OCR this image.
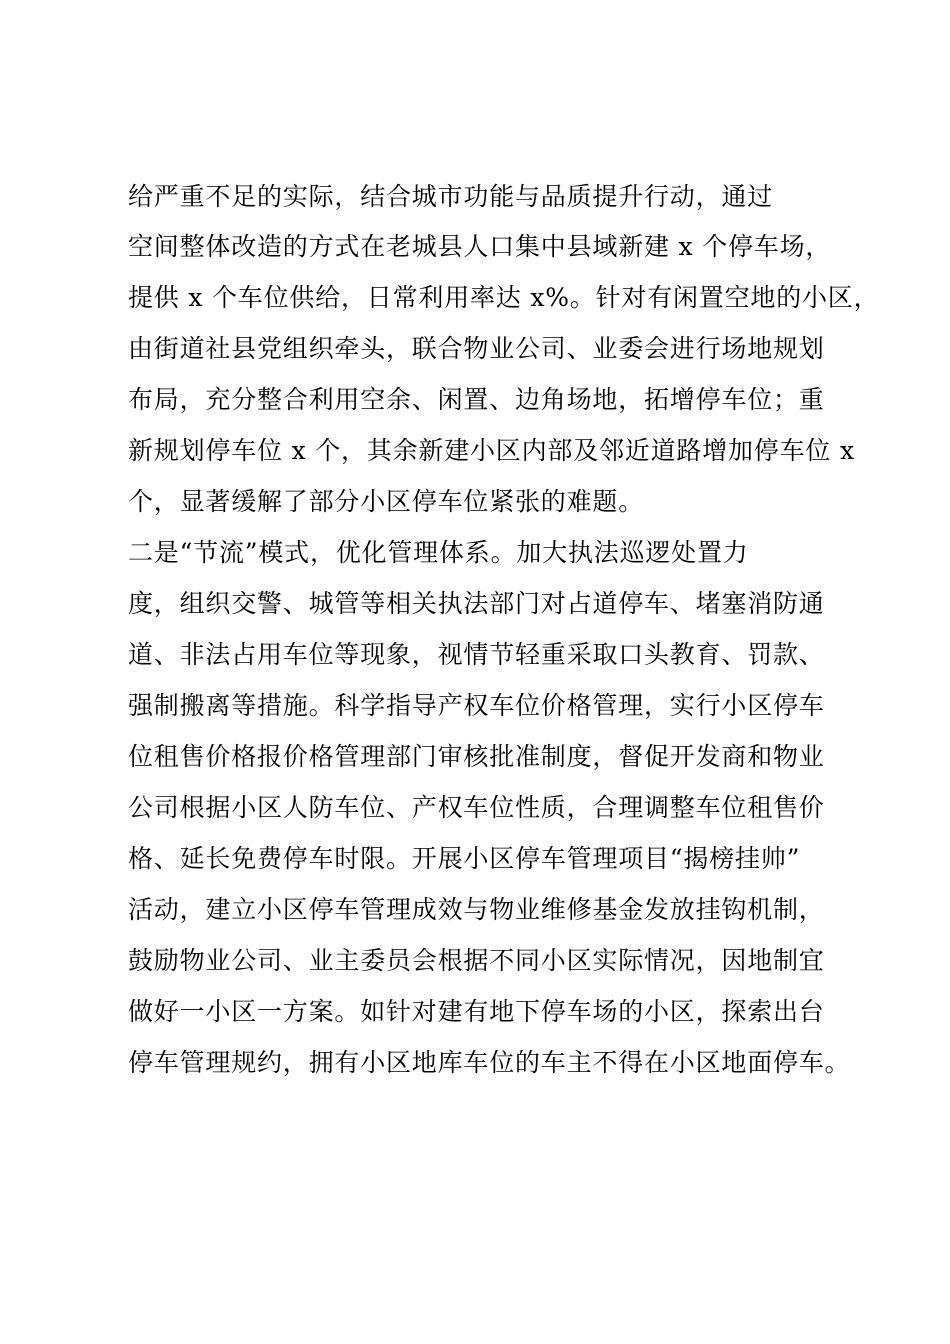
给严重不足的实际，结合城市功能与品质提升行动，通过
空间整体改造的方式在老城县人口集中县域新建 x 个停车场，
提供 x 个车位供给，日常利用率达 x%。针对有闲置空地的小区，
由街道社县党组织牵头，联合物业公司、业委会进行场地规划
布局，充分整合利用空余、闲置、边角场地，拓增停车位；重
新规划停车位 x 个，其余新建小区内部及邻近道路增加停车位 x
个，显著缓解了部分小区停车位紧张的难题。
二是“节流”模式，优化管理体系。加大执法巡逻处置力
度，组织交警、城管等相关执法部门对占道停车、堵塞消防通
道、非法占用车位等现象，视情节轻重采取口头教育、罚款、
强制搬离等措施。科学指导产权车位价格管理，实行小区停车
位租售价格报价格管理部门审核批准制度，督促开发商和物业
公司根据小区人防车位、产权车位性质，合理调整车位租售价
格、延长免费停车时限。开展小区停车管理项目“揭榜挂帅”
活动，建立小区停车管理成效与物业维修基金发放挂钩机制，
鼓励物业公司、业主委员会根据不同小区实际情况，因地制宜
做好一小区一方案。如针对建有地下停车场的小区，探索出台
停车管理规约，拥有小区地库车位的车主不得在小区地面停车。
